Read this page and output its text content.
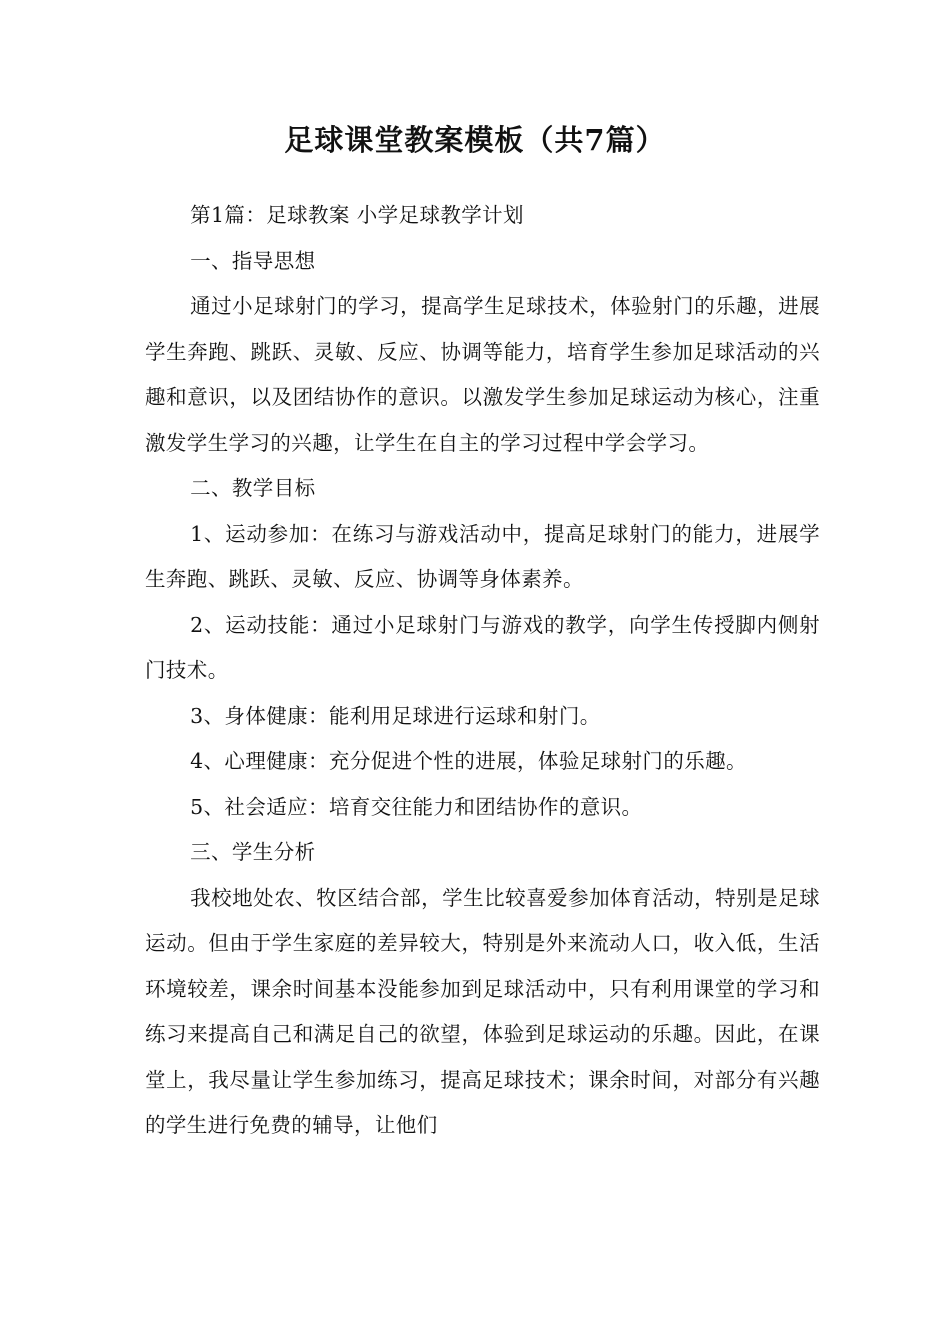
足球课堂教案模板（共7篇）

第1篇：足球教案 小学足球教学计划

一、指导思想

通过小足球射门的学习，提高学生足球技术，体验射门的乐趣，进展学生奔跑、跳跃、灵敏、反应、协调等能力，培育学生参加足球活动的兴趣和意识，以及团结协作的意识。以激发学生参加足球运动为核心，注重激发学生学习的兴趣，让学生在自主的学习过程中学会学习。

二、教学目标

1、运动参加：在练习与游戏活动中，提高足球射门的能力，进展学生奔跑、跳跃、灵敏、反应、协调等身体素养。

2、运动技能：通过小足球射门与游戏的教学，向学生传授脚内侧射门技术。

3、身体健康：能利用足球进行运球和射门。

4、心理健康：充分促进个性的进展，体验足球射门的乐趣。

5、社会适应：培育交往能力和团结协作的意识。

三、学生分析

我校地处农、牧区结合部，学生比较喜爱参加体育活动，特别是足球运动。但由于学生家庭的差异较大，特别是外来流动人口，收入低，生活环境较差，课余时间基本没能参加到足球活动中，只有利用课堂的学习和练习来提高自己和满足自己的欲望，体验到足球运动的乐趣。因此，在课堂上，我尽量让学生参加练习，提高足球技术；课余时间，对部分有兴趣的学生进行免费的辅导，让他们
